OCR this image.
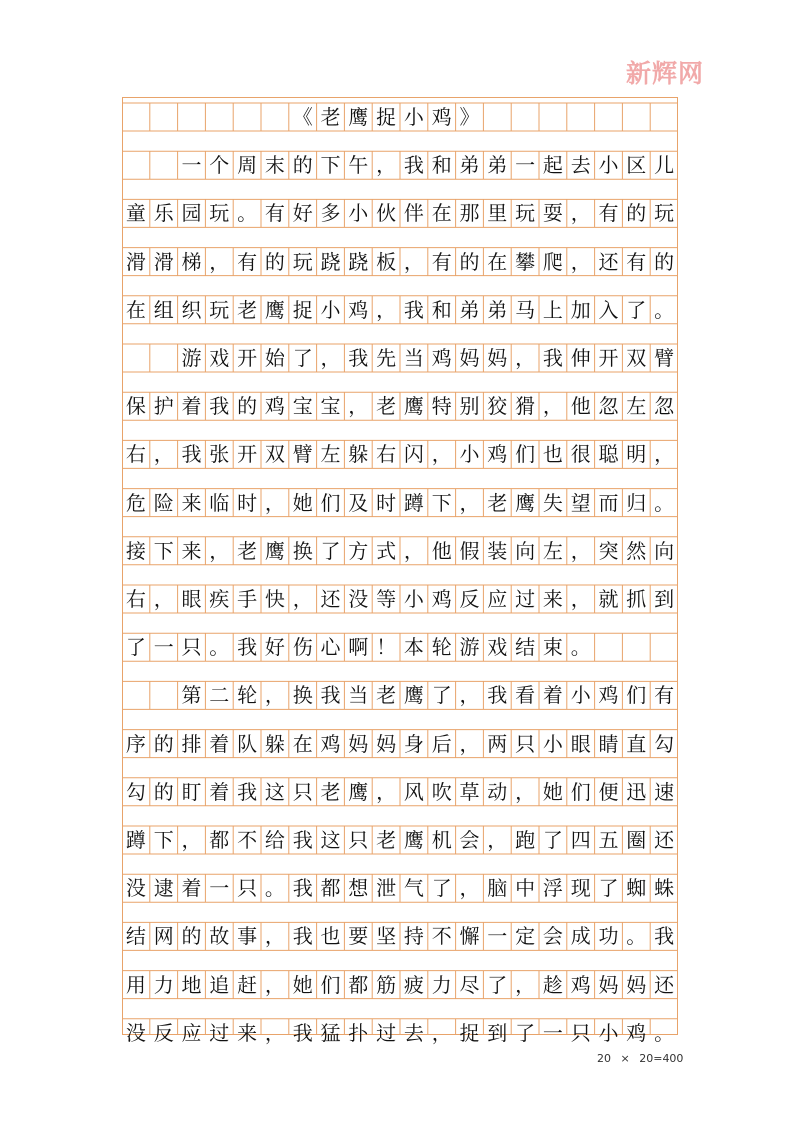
新辉网
《 老 鹰 捉 小 鸡 》
一 个 周 末 的 下 午 ， 我 和 弟 弟 一 起 去 小 区 儿
童 乐 园 玩 。 有 好 多 小 伙 伴 在 那 里 玩 耍 ， 有 的 玩
滑 滑 梯 ， 有 的 玩 跷 跷 板 ， 有 的 在 攀 爬 ， 还 有 的
在 组 织 玩 老 鹰 捉 小 鸡 ， 我 和 弟 弟 马 上 加 入 了 。
游 戏 开 始 了 ， 我 先 当 鸡 妈 妈 ， 我 伸 开 双 臂
保 护 着 我 的 鸡 宝 宝 ， 老 鹰 特 别 狡 猾 ， 他 忽 左 忽
右 ， 我 张 开 双 臂 左 躲 右 闪 ， 小 鸡 们 也 很 聪 明 ，
危 险 来 临 时 ， 她 们 及 时 蹲 下 ， 老 鹰 失 望 而 归 。
接 下 来 ， 老 鹰 换 了 方 式 ， 他 假 装 向 左 ， 突 然 向
右 ， 眼 疾 手 快 ， 还 没 等 小 鸡 反 应 过 来 ， 就 抓 到
了 一 只 。 我 好 伤 心 啊 ！ 本 轮 游 戏 结 束 。
第 二 轮 ， 换 我 当 老 鹰 了 ， 我 看 着 小 鸡 们 有
序 的 排 着 队 躲 在 鸡 妈 妈 身 后 ， 两 只 小 眼 睛 直 勾
勾 的 盯 着 我 这 只 老 鹰 ， 风 吹 草 动 ， 她 们 便 迅 速
蹲 下 ， 都 不 给 我 这 只 老 鹰 机 会 ， 跑 了 四 五 圈 还
没 逮 着 一 只 。 我 都 想 泄 气 了 ， 脑 中 浮 现 了 蜘 蛛
结 网 的 故 事 ， 我 也 要 坚 持 不 懈 一 定 会 成 功 。 我
用 力 地 追 赶 ， 她 们 都 筋 疲 力 尽 了 ， 趁 鸡 妈 妈 还
没 反 应 过 来 ， 我 猛 扑 过 去 ， 捉 到 了 一 只 小 鸡 。
20 × 20=400
